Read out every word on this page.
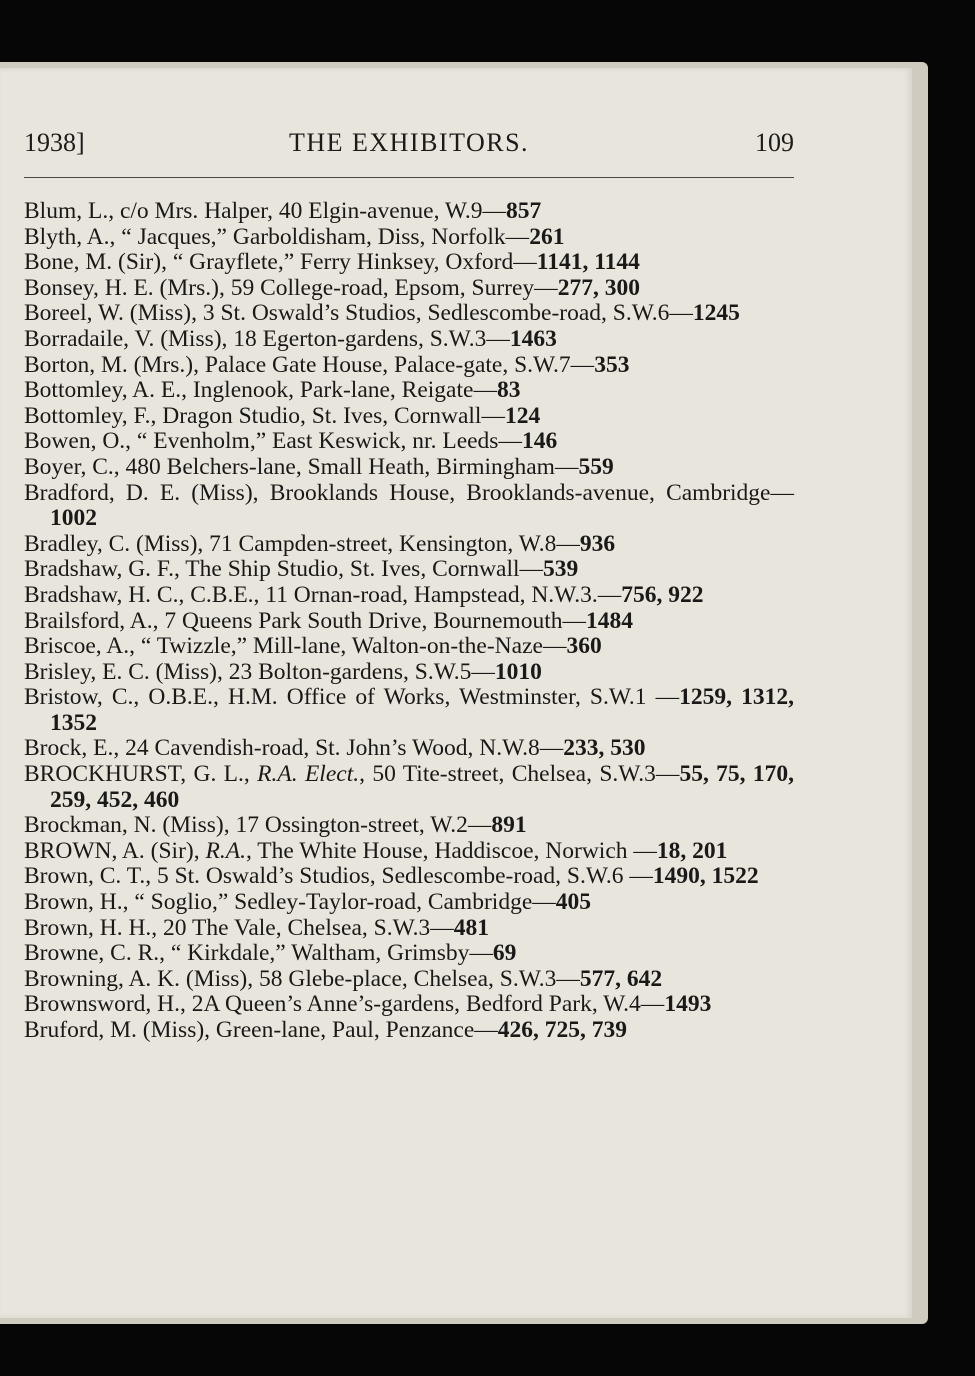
1938]	THE EXHIBITORS.	109

Blum, L., c/o Mrs. Halper, 40 Elgin-avenue, W.9—857

Blyth, A., “ Jacques,” Garboldisham, Diss, Norfolk—261

Bone, M. (Sir), “ Grayflete,” Ferry Hinksey, Oxford—1141, 1144

Bonsey, H. E. (Mrs.), 59 College-road, Epsom, Surrey—277, 300

Boreel, W. (Miss), 3 St. Oswald’s Studios, Sedlescombe-road, S.W.6—1245

Borradaile, V. (Miss), 18 Egerton-gardens, S.W.3—1463

Borton, M. (Mrs.), Palace Gate House, Palace-gate, S.W.7—353

Bottomley, A. E., Inglenook, Park-lane, Reigate—83

Bottomley, F., Dragon Studio, St. Ives, Cornwall—124

Bowen, O., “ Evenholm,” East Keswick, nr. Leeds—146

Boyer, C., 480 Belchers-lane, Small Heath, Birmingham—559

Bradford, D. E. (Miss), Brooklands House, Brooklands-avenue, Cambridge—1002

Bradley, C. (Miss), 71 Campden-street, Kensington, W.8—936

Bradshaw, G. F., The Ship Studio, St. Ives, Cornwall—539

Bradshaw, H. C., C.B.E., 11 Ornan-road, Hampstead, N.W.3.—756, 922

Brailsford, A., 7 Queens Park South Drive, Bournemouth—1484

Briscoe, A., “ Twizzle,” Mill-lane, Walton-on-the-Naze—360

Brisley, E. C. (Miss), 23 Bolton-gardens, S.W.5—1010

Bristow, C., O.B.E., H.M. Office of Works, Westminster, S.W.1 —1259, 1312, 1352

Brock, E., 24 Cavendish-road, St. John’s Wood, N.W.8—233, 530

BROCKHURST, G. L., R.A. Elect., 50 Tite-street, Chelsea, S.W.3—55, 75, 170, 259, 452, 460

Brockman, N. (Miss), 17 Ossington-street, W.2—891

BROWN, A. (Sir), R.A., The White House, Haddiscoe, Norwich —18, 201

Brown, C. T., 5 St. Oswald’s Studios, Sedlescombe-road, S.W.6 —1490, 1522

Brown, H., “ Soglio,” Sedley-Taylor-road, Cambridge—405

Brown, H. H., 20 The Vale, Chelsea, S.W.3—481

Browne, C. R., “ Kirkdale,” Waltham, Grimsby—69

Browning, A. K. (Miss), 58 Glebe-place, Chelsea, S.W.3—577, 642

Brownsword, H., 2A Queen’s Anne’s-gardens, Bedford Park, W.4—1493

Bruford, M. (Miss), Green-lane, Paul, Penzance—426, 725, 739
